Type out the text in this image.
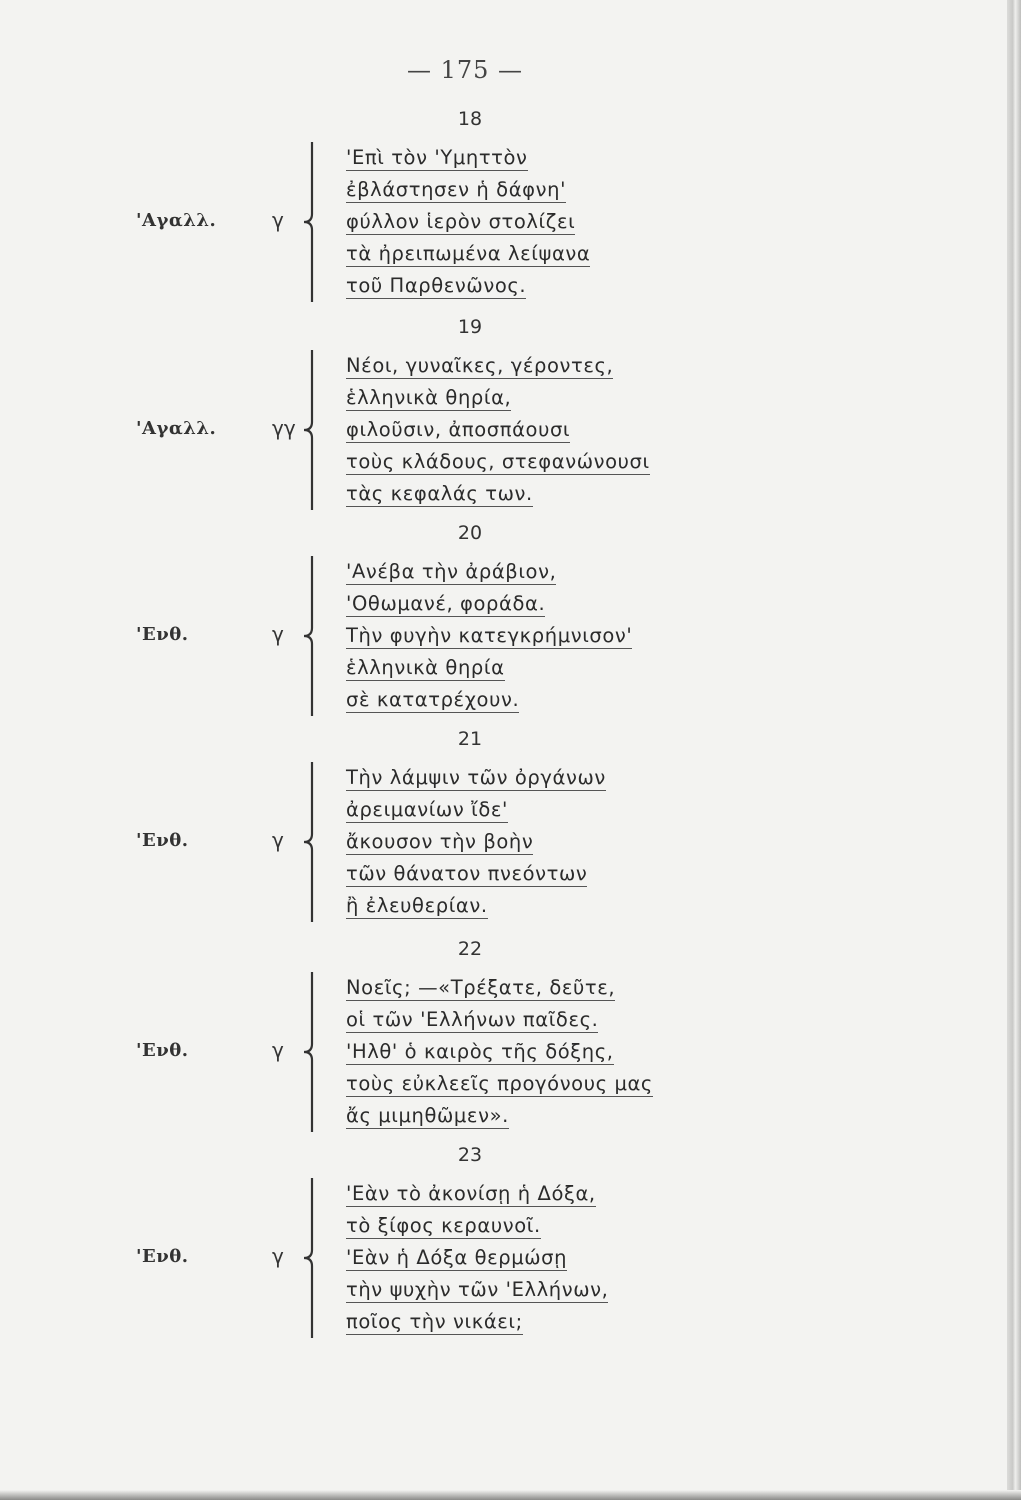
— 175 —
18
'Αγαλλ.	γ
'Επὶ τὸν 'Υμηττὸν
ἐβλάστησεν ἡ δάφνη'
φύλλον ἱερὸν στολίζει
τὰ ἠρειπωμένα λείψανα
τοῦ Παρθενῶνος.
19
'Αγαλλ.	γγ
Νέοι, γυναῖκες, γέροντες,
ἑλληνικὰ θηρία,
φιλοῦσιν, ἀποσπάουσι
τοὺς κλάδους, στεφανώνουσι
τὰς κεφαλάς των.
20
'Ενθ.	γ
'Ανέβα τὴν ἀράβιον,
'Οθωμανέ, φοράδα.
Τὴν φυγὴν κατεγκρήμνισον'
ἑλληνικὰ θηρία
σὲ κατατρέχουν.
21
'Ενθ.	γ
Τὴν λάμψιν τῶν ὀργάνων
ἀρειμανίων ἴδε'
ἄκουσον τὴν βοὴν
τῶν θάνατον πνεόντων
ἢ ἐλευθερίαν.
22
'Ενθ.	γ
Νοεῖς; —«Τρέξατε, δεῦτε,
οἱ τῶν 'Ελλήνων παῖδες.
'Ηλθ' ὁ καιρὸς τῆς δόξης,
τοὺς εὐκλεεῖς προγόνους μας
ἄς μιμηθῶμεν».
23
'Ενθ.	γ
'Εὰν τὸ ἀκονίσῃ ἡ Δόξα,
τὸ ξίφος κεραυνοῖ.
'Εὰν ἡ Δόξα θερμώσῃ
τὴν ψυχὴν τῶν 'Ελλήνων,
ποῖος τὴν νικάει;
